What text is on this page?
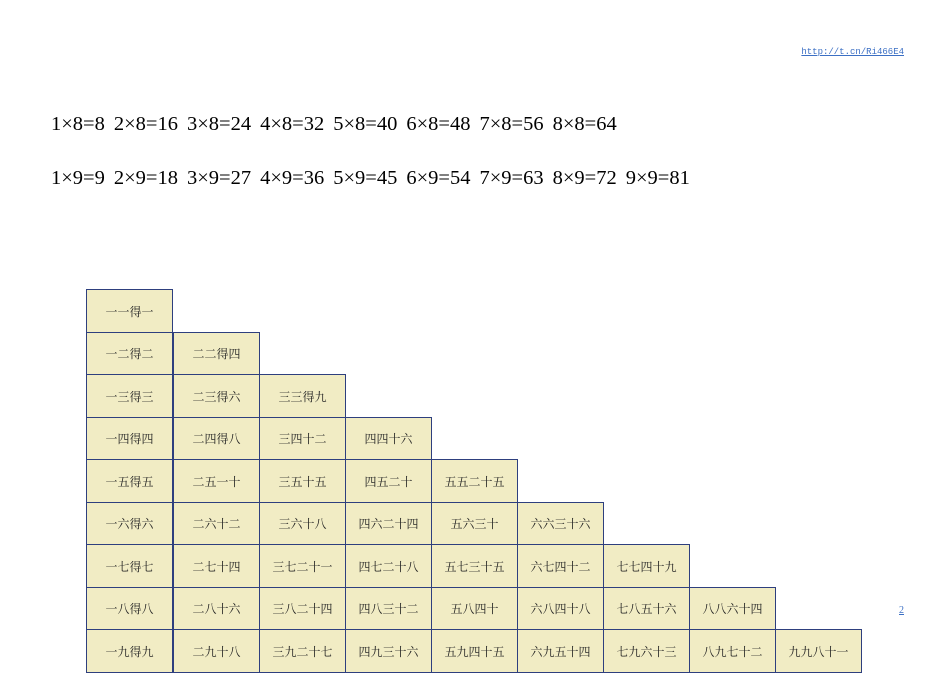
http://t.cn/Ri466E4
1×8=8 2×8=16 3×8=24 4×8=32 5×8=40 6×8=48 7×8=56 8×8=64
1×9=9 2×9=18 3×9=27 4×9=36 5×9=45 6×9=54 7×9=63 8×9=72 9×9=81
一一得一
一二得二	二二得四
一三得三	二三得六	三三得九
一四得四	二四得八	三四十二	四四十六
一五得五	二五一十	三五十五	四五二十	五五二十五
一六得六	二六十二	三六十八	四六二十四	五六三十	六六三十六
一七得七	二七十四	三七二十一	四七二十八	五七三十五	六七四十二	七七四十九
一八得八	二八十六	三八二十四	四八三十二	五八四十	六八四十八	七八五十六	八八六十四
一九得九	二九十八	三九二十七	四九三十六	五九四十五	六九五十四	七九六十三	八九七十二	九九八十一
2
